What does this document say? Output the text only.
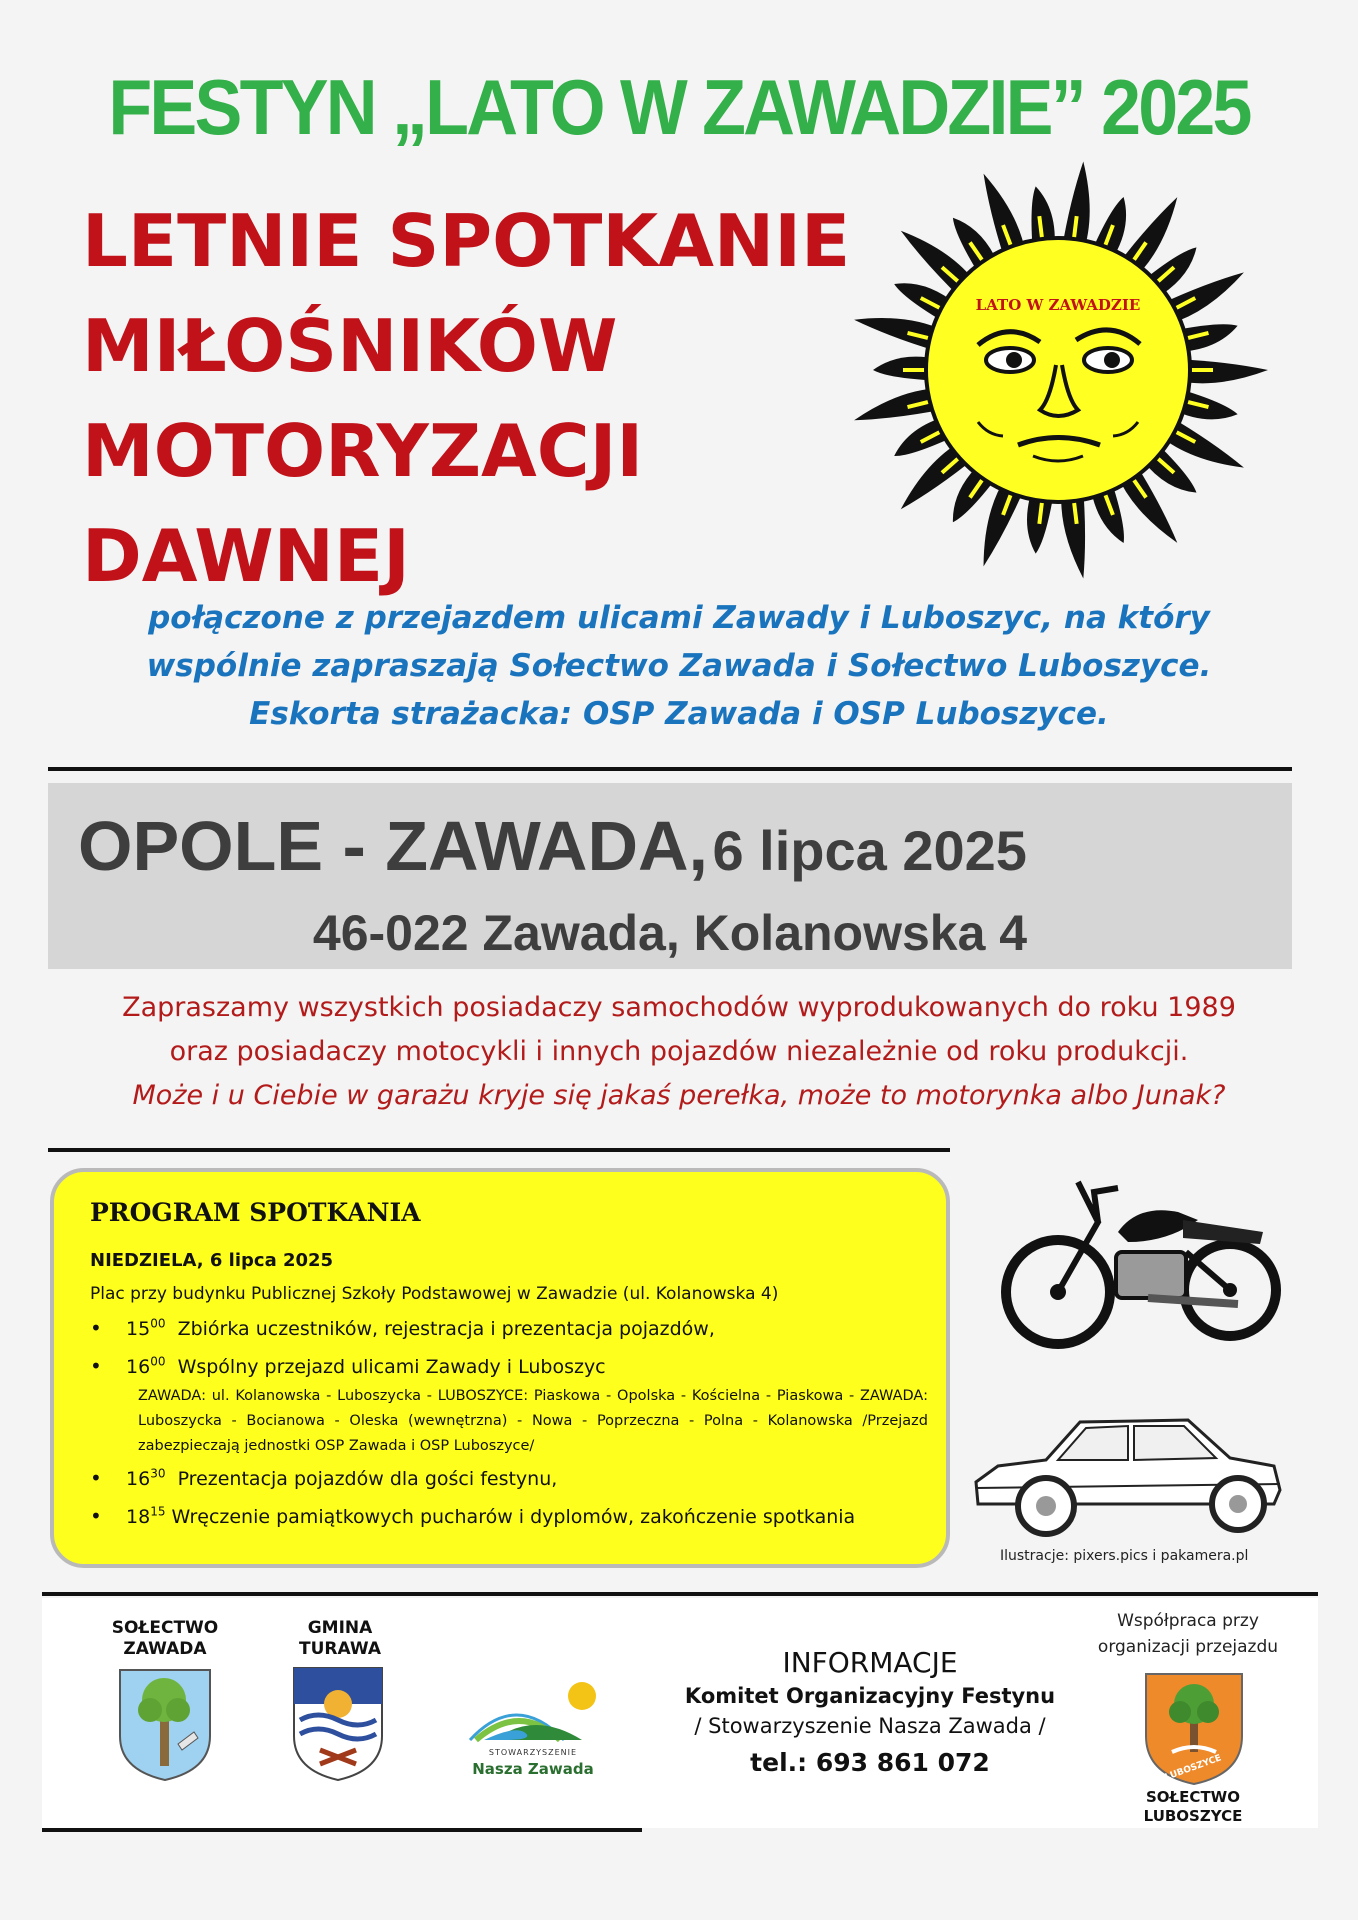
FESTYN „LATO W ZAWADZIE” 2025
LETNIE SPOTKANIE
MIŁOŚNIKÓW
MOTORYZACJI
DAWNEJ
LATO W ZAWADZIE
połączone z przejazdem ulicami Zawady i Luboszyc, na który
wspólnie zapraszają Sołectwo Zawada i Sołectwo Luboszyce.
Eskorta strażacka: OSP Zawada i OSP Luboszyce.
OPOLE - ZAWADA, 6 lipca 2025
46-022 Zawada, Kolanowska 4
Zapraszamy wszystkich posiadaczy samochodów wyprodukowanych do roku 1989
oraz posiadaczy motocykli i innych pojazdów niezależnie od roku produkcji.
Może i u Ciebie w garażu kryje się jakaś perełka, może to motorynka albo Junak?
PROGRAM SPOTKANIA
NIEDZIELA, 6 lipca 2025
Plac przy budynku Publicznej Szkoły Podstawowej w Zawadzie (ul. Kolanowska 4)
• $15^{00}$ Zbiórka uczestników, rejestracja i prezentacja pojazdów,
• $16^{00}$ Wspólny przejazd ulicami Zawady i Luboszyc
ZAWADA: ul. Kolanowska - Luboszycka - LUBOSZYCE: Piaskowa - Opolska - Kościelna - Piaskowa - ZAWADA: Luboszycka - Bocianowa - Oleska (wewnętrzna) - Nowa - Poprzeczna - Polna - Kolanowska /Przejazd zabezpieczają jednostki OSP Zawada i OSP Luboszyce/
• $16^{30}$ Prezentacja pojazdów dla gości festynu,
• $18^{15}$ Wręczenie pamiątkowych pucharów i dyplomów, zakończenie spotkania
Ilustracje: pixers.pics i pakamera.pl
SOŁECTWO
ZAWADA
GMINA
TURAWA
STOWARZYSZENIE
Nasza Zawada
INFORMACJE
Komitet Organizacyjny Festynu
/ Stowarzyszenie Nasza Zawada /
tel.: 693 861 072
Współpraca przy
organizacji przejazdu
LUBOSZYCE
SOŁECTWO
LUBOSZYCE
